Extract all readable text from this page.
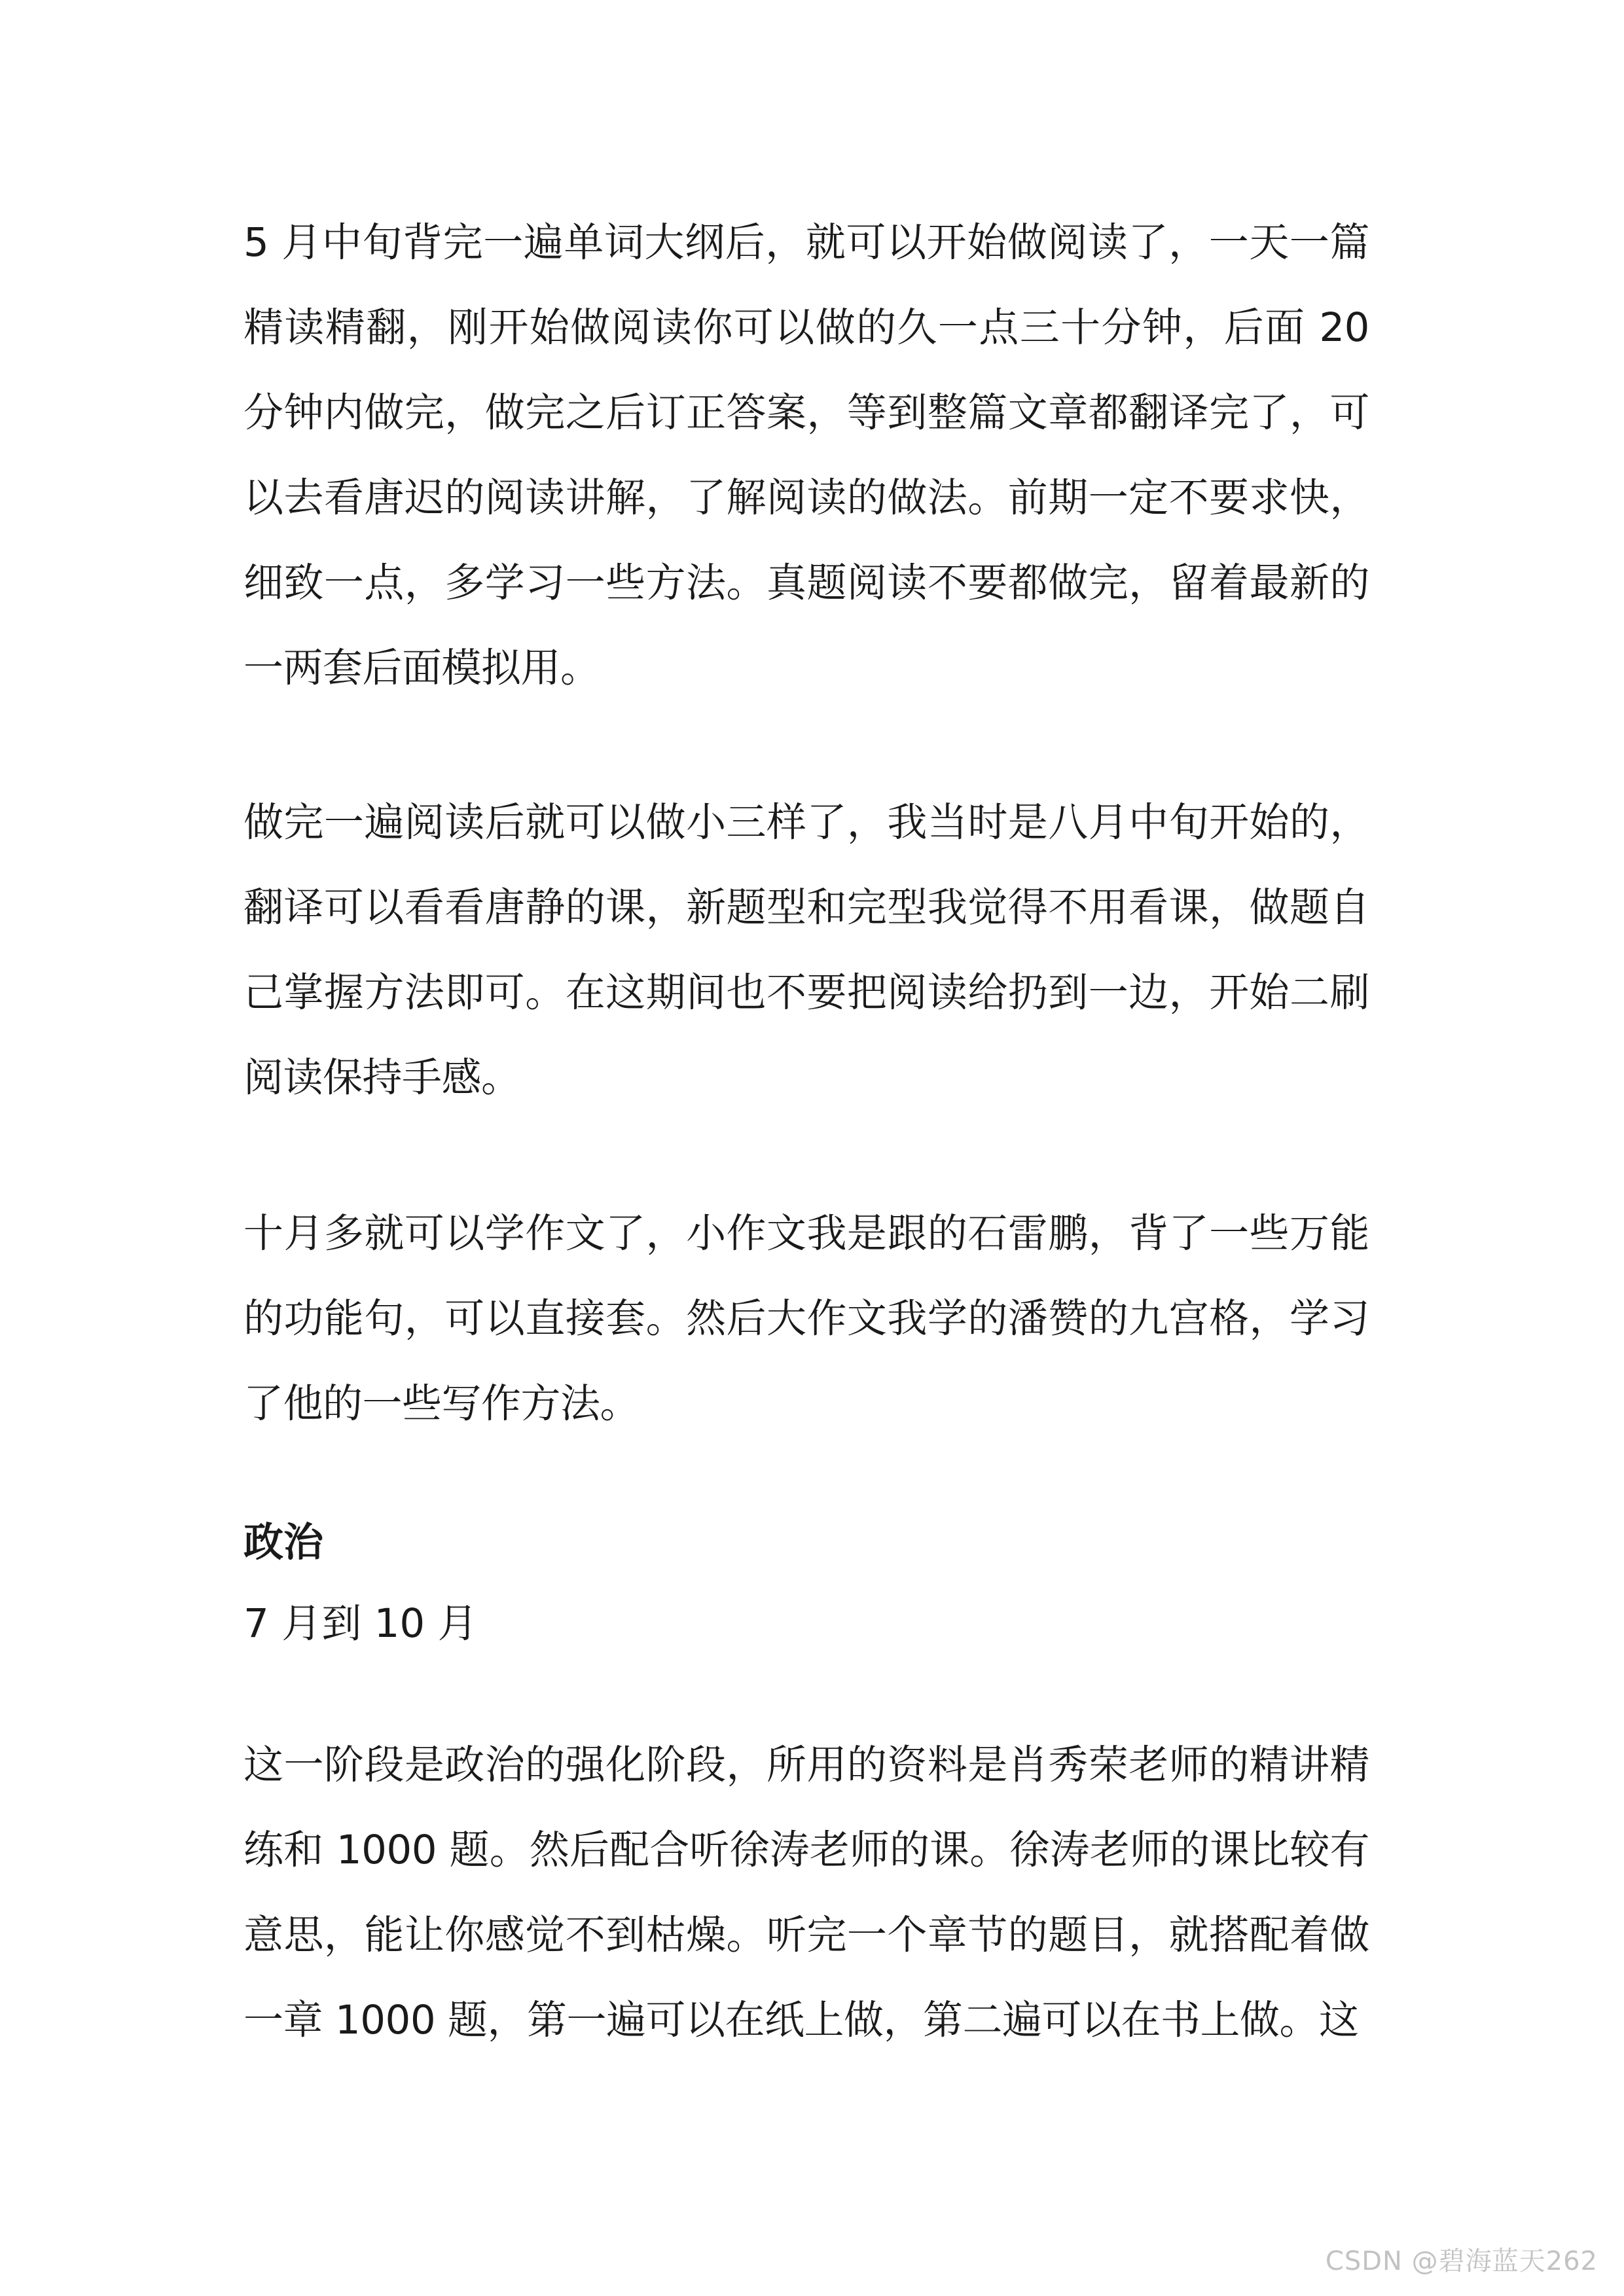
5 月中旬背完一遍单词大纲后，就可以开始做阅读了，一天一篇精读精翻，刚开始做阅读你可以做的久一点三十分钟，后面 20 分钟内做完，做完之后订正答案，等到整篇文章都翻译完了，可以去看唐迟的阅读讲解，了解阅读的做法。前期一定不要求快，细致一点，多学习一些方法。真题阅读不要都做完，留着最新的一两套后面模拟用。

做完一遍阅读后就可以做小三样了，我当时是八月中旬开始的，翻译可以看看唐静的课，新题型和完型我觉得不用看课，做题自己掌握方法即可。在这期间也不要把阅读给扔到一边，开始二刷阅读保持手感。

十月多就可以学作文了，小作文我是跟的石雷鹏，背了一些万能的功能句，可以直接套。然后大作文我学的潘赞的九宫格，学习了他的一些写作方法。

政治

7 月到 10 月

这一阶段是政治的强化阶段，所用的资料是肖秀荣老师的精讲精练和 1000 题。然后配合听徐涛老师的课。徐涛老师的课比较有意思，能让你感觉不到枯燥。听完一个章节的题目，就搭配着做一章 1000 题，第一遍可以在纸上做，第二遍可以在书上做。这

CSDN @碧海蓝天262
